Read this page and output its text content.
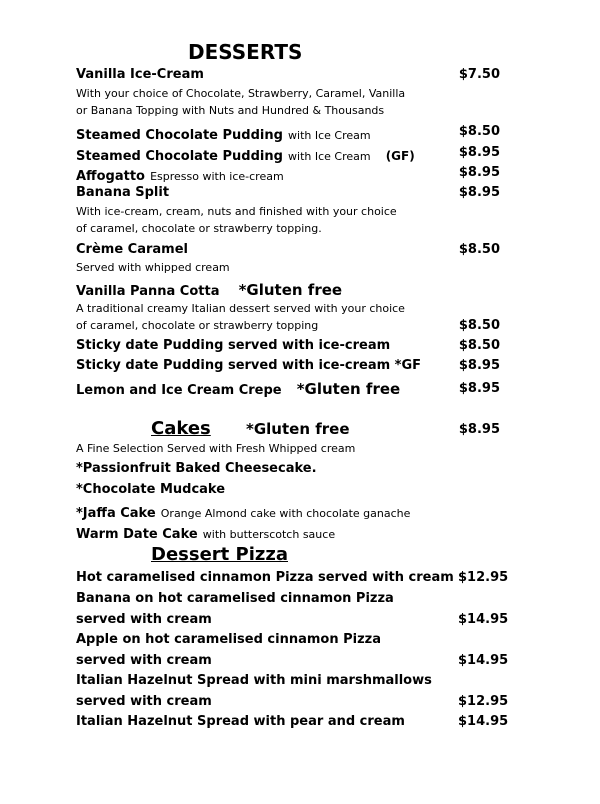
DESSERTS
Vanilla Ice-Cream	$7.50
With your choice of Chocolate, Strawberry, Caramel, Vanilla
or Banana Topping with Nuts and Hundred & Thousands
Steamed Chocolate Pudding with Ice Cream	$8.50
Steamed Chocolate Pudding with Ice Cream (GF)	$8.95
Affogatto Espresso with ice-cream	$8.95
Banana Split	$8.95
With ice-cream, cream, nuts and finished with your choice
of caramel, chocolate or strawberry topping.
Crème Caramel	$8.50
Served with whipped cream
Vanilla Panna Cotta *Gluten free
A traditional creamy Italian dessert served with your choice
of caramel, chocolate or strawberry topping	$8.50
Sticky date Pudding served with ice-cream	$8.50
Sticky date Pudding served with ice-cream *GF	$8.95
Lemon and Ice Cream Crepe *Gluten free	$8.95
Cakes *Gluten free	$8.95
A Fine Selection Served with Fresh Whipped cream
*Passionfruit Baked Cheesecake.
*Chocolate Mudcake
*Jaffa Cake Orange Almond cake with chocolate ganache
Warm Date Cake with butterscotch sauce
Dessert Pizza
Hot caramelised cinnamon Pizza served with cream $12.95
Banana on hot caramelised cinnamon Pizza
served with cream	$14.95
Apple on hot caramelised cinnamon Pizza
served with cream	$14.95
Italian Hazelnut Spread with mini marshmallows
served with cream	$12.95
Italian Hazelnut Spread with pear and cream	$14.95
